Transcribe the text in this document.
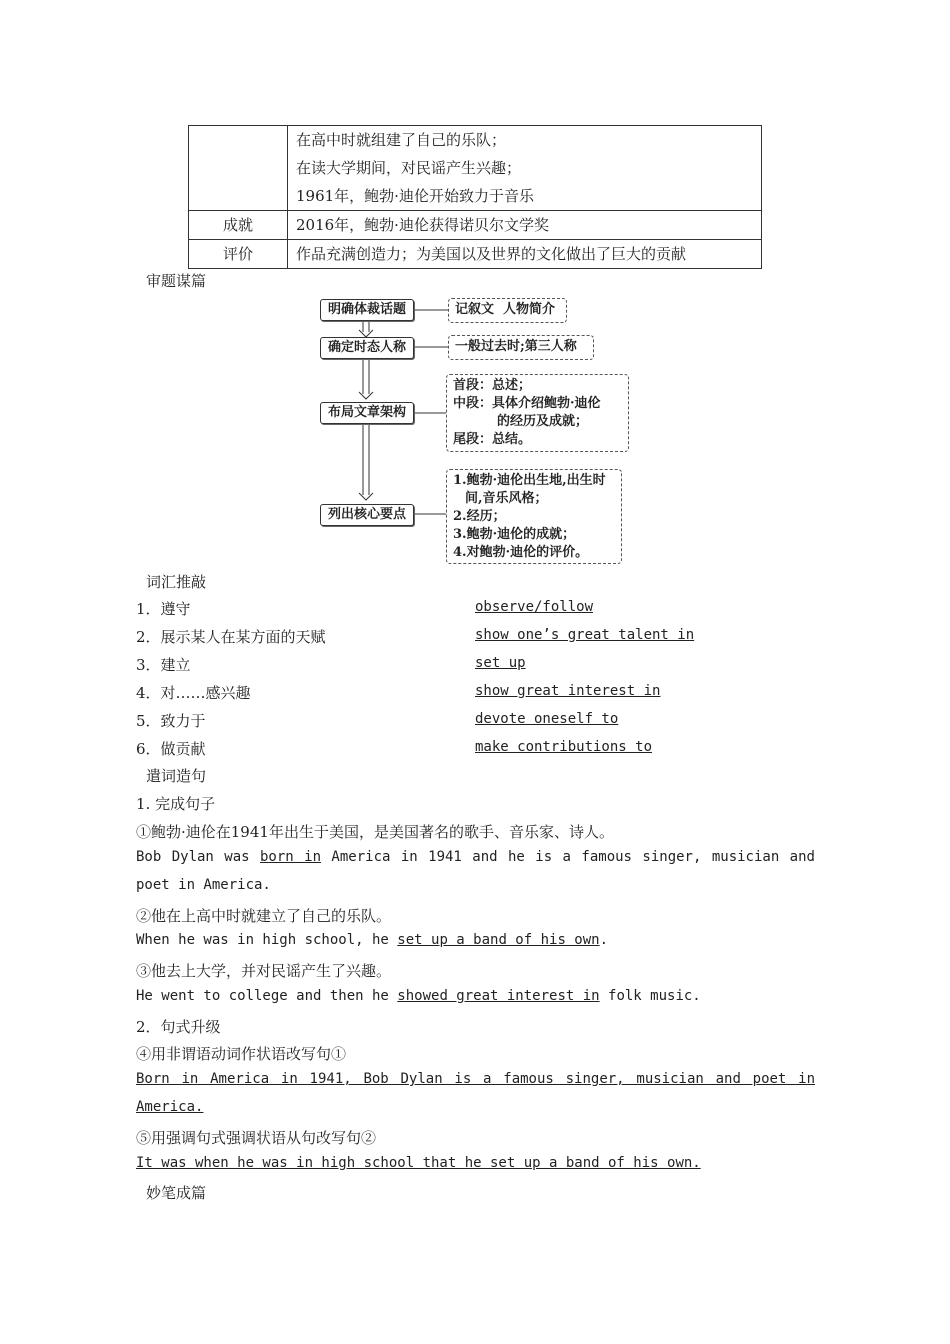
	在高中时就组建了自己的乐队；
在读大学期间，对民谣产生兴趣；
1961年，鲍勃·迪伦开始致力于音乐

成就	2016年，鲍勃·迪伦获得诺贝尔文学奖

评价	作品充满创造力；为美国以及世界的文化做出了巨大的贡献
审题谋篇
明确体裁话题
确定时态人称
布局文章架构
列出核心要点
记叙文  人物简介
一般过去时;第三人称
首段：总述；
中段：具体介绍鲍勃·迪伦
的经历及成就；
尾段：总结。
1.鲍勃·迪伦出生地,出生时
间,音乐风格；
2.经历；
3.鲍勃·迪伦的成就；
4.对鲍勃·迪伦的评价。
词汇推敲
1．遵守	observe/follow
2．展示某人在某方面的天赋	show one’s great talent in
3．建立	set up
4．对……感兴趣	show great interest in
5．致力于	devote oneself to
6．做贡献	make contributions to
遣词造句
1. 完成句子
①鲍勃·迪伦在1941年出生于美国，是美国著名的歌手、音乐家、诗人。
Bob Dylan was born in America in 1941 and he is a famous singer, musician and
poet in America.
②他在上高中时就建立了自己的乐队。
When he was in high school, he set up a band of his own.
③他去上大学，并对民谣产生了兴趣。
He went to college and then he showed great interest in folk music.
2．句式升级
④用非谓语动词作状语改写句①
Born in America in 1941, Bob Dylan is a famous singer, musician and poet in
America.
⑤用强调句式强调状语从句改写句②
It was when he was in high school that he set up a band of his own.
妙笔成篇
